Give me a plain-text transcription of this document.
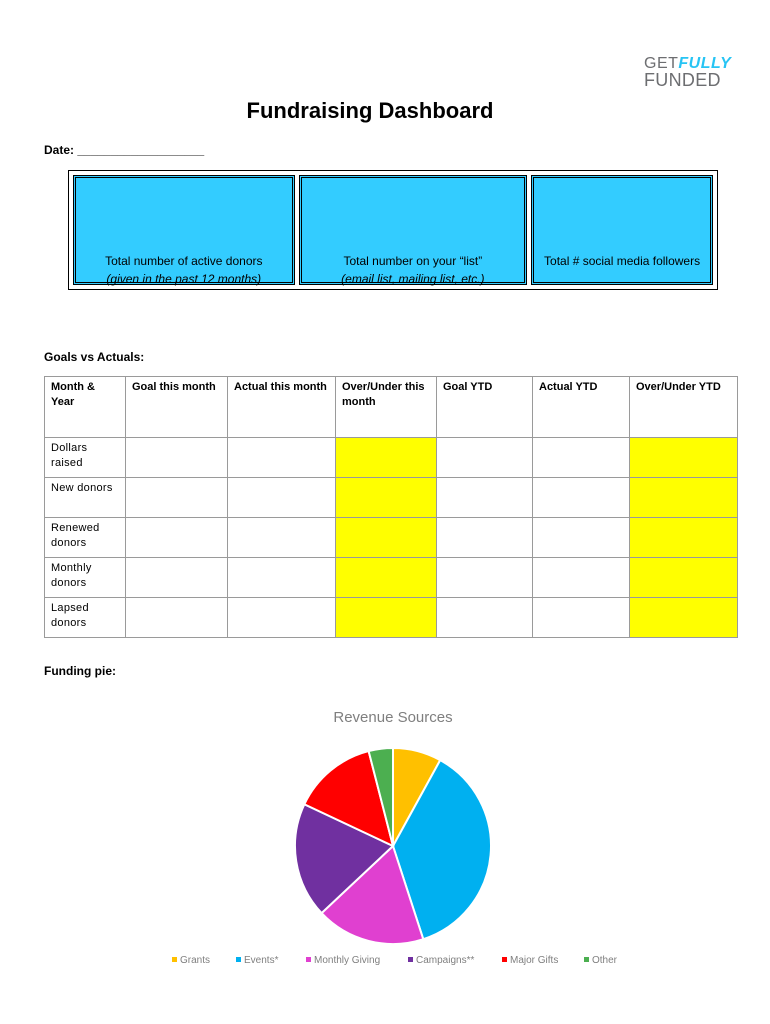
GETFULLY
FUNDED
Fundraising Dashboard
Date: ___________________
Total number of active donors
(given in the past 12 months)
Total number on your “list”
(email list, mailing list, etc.)
Total # social media followers
Goals vs Actuals:
Month & Year	Goal this month	Actual this month	Over/Under this month	Goal YTD	Actual YTD	Over/Under YTD
Dollars raised						
New donors						
Renewed donors						
Monthly donors						
Lapsed donors						
Funding pie:
Revenue Sources
Grants	Events*	Monthly Giving	Campaigns**	Major Gifts	Other
